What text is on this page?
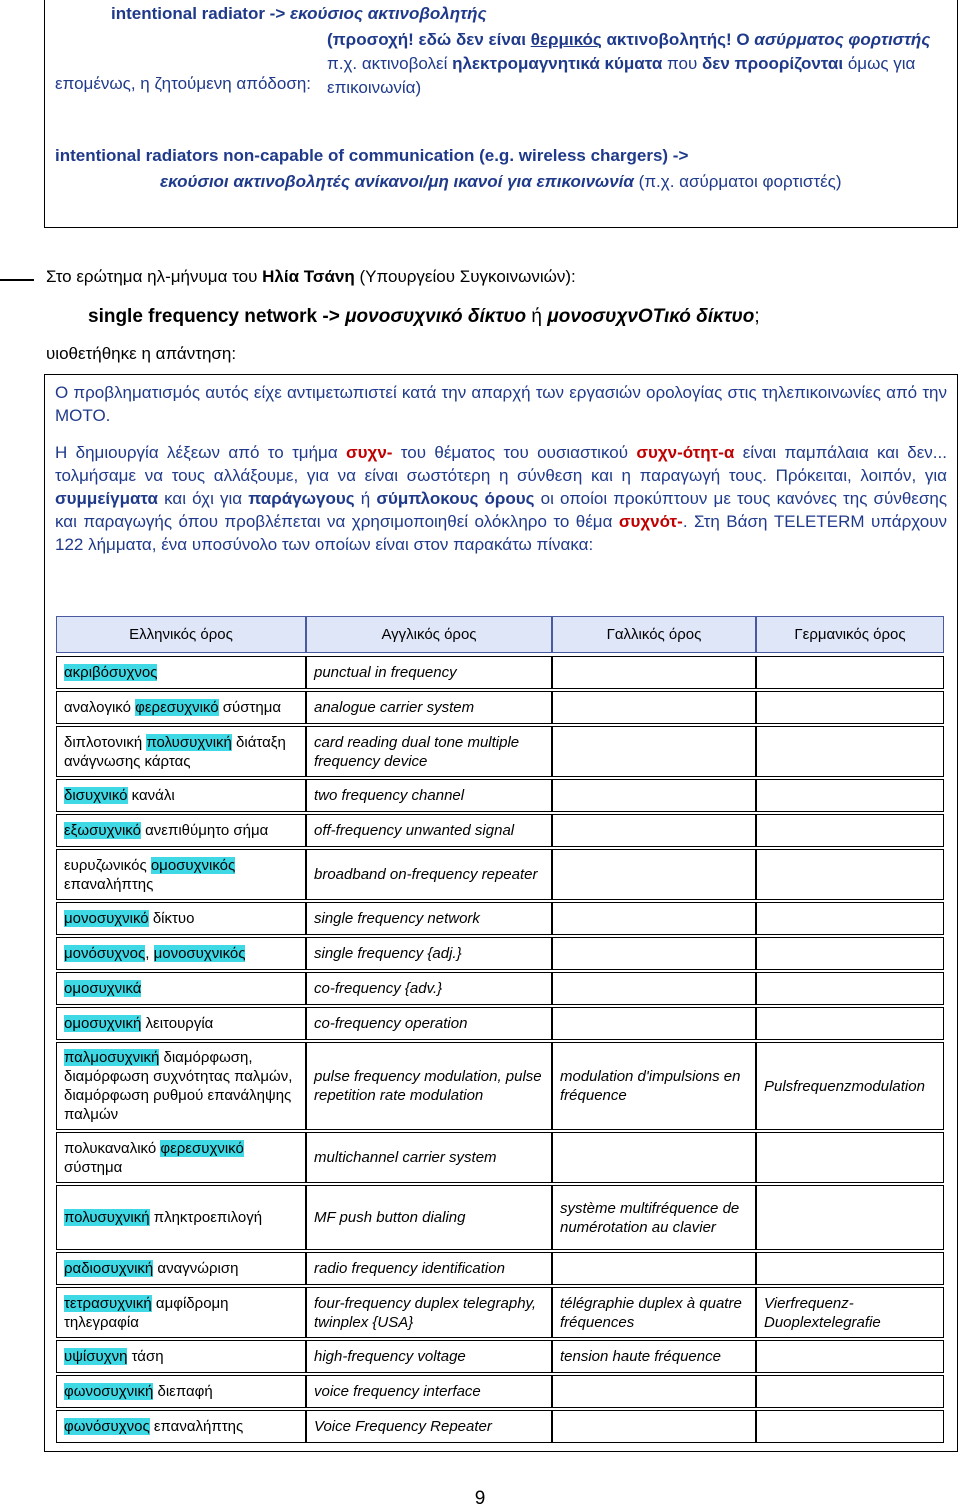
intentional radiator -> εκούσιος ακτινοβολητής
(προσοχή! εδώ δεν είναι θερμικός ακτινοβολητής! Ο ασύρματος φορτιστής π.χ. ακτινοβολεί ηλεκτρομαγνητικά κύματα που δεν προορίζονται όμως για επικοινωνία)
επομένως, η ζητούμενη απόδοση:
intentional radiators non-capable of communication (e.g. wireless chargers) ->
εκούσιοι ακτινοβολητές ανίκανοι/μη ικανοί για επικοινωνία (π.χ. ασύρματοι φορτιστές)
Στο ερώτημα ηλ-μήνυμα του Ηλία Τσάνη (Υπουργείου Συγκοινωνιών):
single frequency network -> μονοσυχνικό δίκτυο ή μονοσυχνΟΤικό δίκτυο;
υιοθετήθηκε η απάντηση:

Ο προβληματισμός αυτός είχε αντιμετωπιστεί κατά την απαρχή των εργασιών ορολογίας στις τηλεπικοινωνίες από την ΜΟΤΟ.

Η δημιουργία λέξεων από το τμήμα συχν- του θέματος του ουσιαστικού συχν-ότητ-α είναι παμπάλαια και δεν... τολμήσαμε να τους αλλάξουμε, για να είναι σωστότερη η σύνθεση και η παραγωγή τους. Πρόκειται, λοιπόν, για συμμείγματα και όχι για παράγωγους ή σύμπλοκους όρους οι οποίοι προκύπτουν με τους κανόνες της σύνθεσης και παραγωγής όπου προβλέπεται να χρησιμοποιηθεί ολόκληρο το θέμα συχνότ-. Στη Βάση TELETERM υπάρχουν 122 λήμματα, ένα υποσύνολο των οποίων είναι στον παρακάτω πίνακα:

Ελληνικός όρος	Αγγλικός όρος	Γαλλικός όρος	Γερμανικός όρος

ακριβόσυχνος	punctual in frequency		

αναλογικό φερεσυχνικό σύστημα	analogue carrier system		

διπλοτονική πολυσυχνική διάταξη ανάγνωσης κάρτας	card reading dual tone multiple frequency device		

δισυχνικό κανάλι	two frequency channel		

εξωσυχνικό ανεπιθύμητο σήμα	off-frequency unwanted signal		

ευρυζωνικός ομοσυχνικός επαναλήπτης	broadband on-frequency repeater		

μονοσυχνικό δίκτυο	single frequency network		

μονόσυχνος, μονοσυχνικός	single frequency {adj.}		

ομοσυχνικά	co-frequency {adv.}		

ομοσυχνική λειτουργία	co-frequency operation		

παλμοσυχνική διαμόρφωση, διαμόρφωση συχνότητας παλμών, διαμόρφωση ρυθμού επανάληψης παλμών	pulse frequency modulation, pulse repetition rate modulation	modulation d'impulsions en fréquence	Pulsfrequenzmodulation

πολυκαναλικό φερεσυχνικό σύστημα	multichannel carrier system		

πολυσυχνική πληκτροεπιλογή	MF push button dialing	système multifréquence de numérotation au clavier	

ραδιοσυχνική αναγνώριση	radio frequency identification		

τετρασυχνική αμφίδρομη τηλεγραφία	four-frequency duplex telegraphy, twinplex {USA}	télégraphie duplex à quatre fréquences	Vierfrequenz-Duoplextelegrafie

υψίσυχνη τάση	high-frequency voltage	tension haute fréquence	

φωνοσυχνική διεπαφή	voice frequency interface		

φωνόσυχνος επαναλήπτης	Voice Frequency Repeater		
9
